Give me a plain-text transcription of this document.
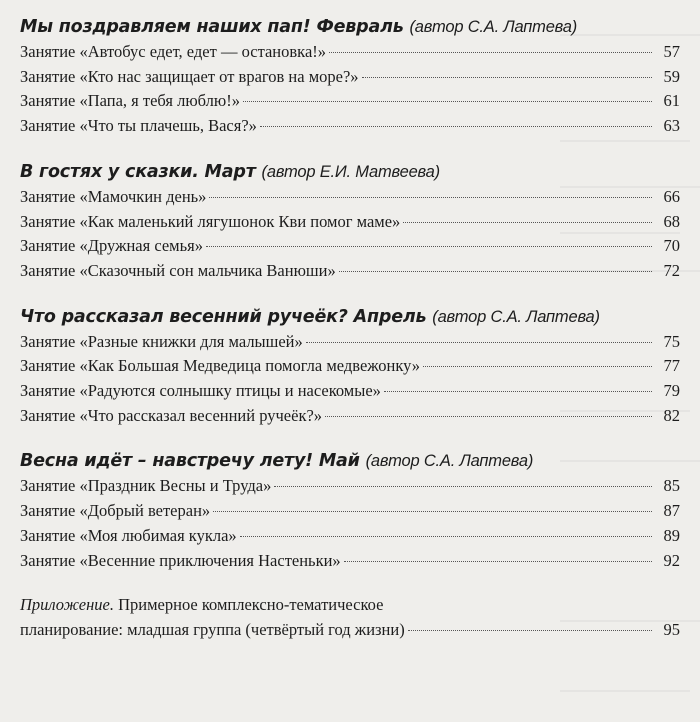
Мы поздравляем наших пап! Февраль (автор С.А. Лаптева)
Занятие «Автобус едет, едет — остановка!»	57
Занятие «Кто нас защищает от врагов на море?»	59
Занятие «Папа, я тебя люблю!»	61
Занятие «Что ты плачешь, Вася?»	63
В гостях у сказки. Март (автор Е.И. Матвеева)
Занятие «Мамочкин день»	66
Занятие «Как маленький лягушонок Кви помог маме»	68
Занятие «Дружная семья»	70
Занятие «Сказочный сон мальчика Ванюши»	72
Что рассказал весенний ручеёк? Апрель (автор С.А. Лаптева)
Занятие «Разные книжки для малышей»	75
Занятие «Как Большая Медведица помогла медвежонку»	77
Занятие «Радуются солнышку птицы и насекомые»	79
Занятие «Что рассказал весенний ручеёк?»	82
Весна идёт – навстречу лету! Май (автор С.А. Лаптева)
Занятие «Праздник Весны и Труда»	85
Занятие «Добрый ветеран»	87
Занятие «Моя любимая кукла»	89
Занятие «Весенние приключения Настеньки»	92
Приложение. Примерное комплексно-тематическое
планирование: младшая группа (четвёртый год жизни)	95
